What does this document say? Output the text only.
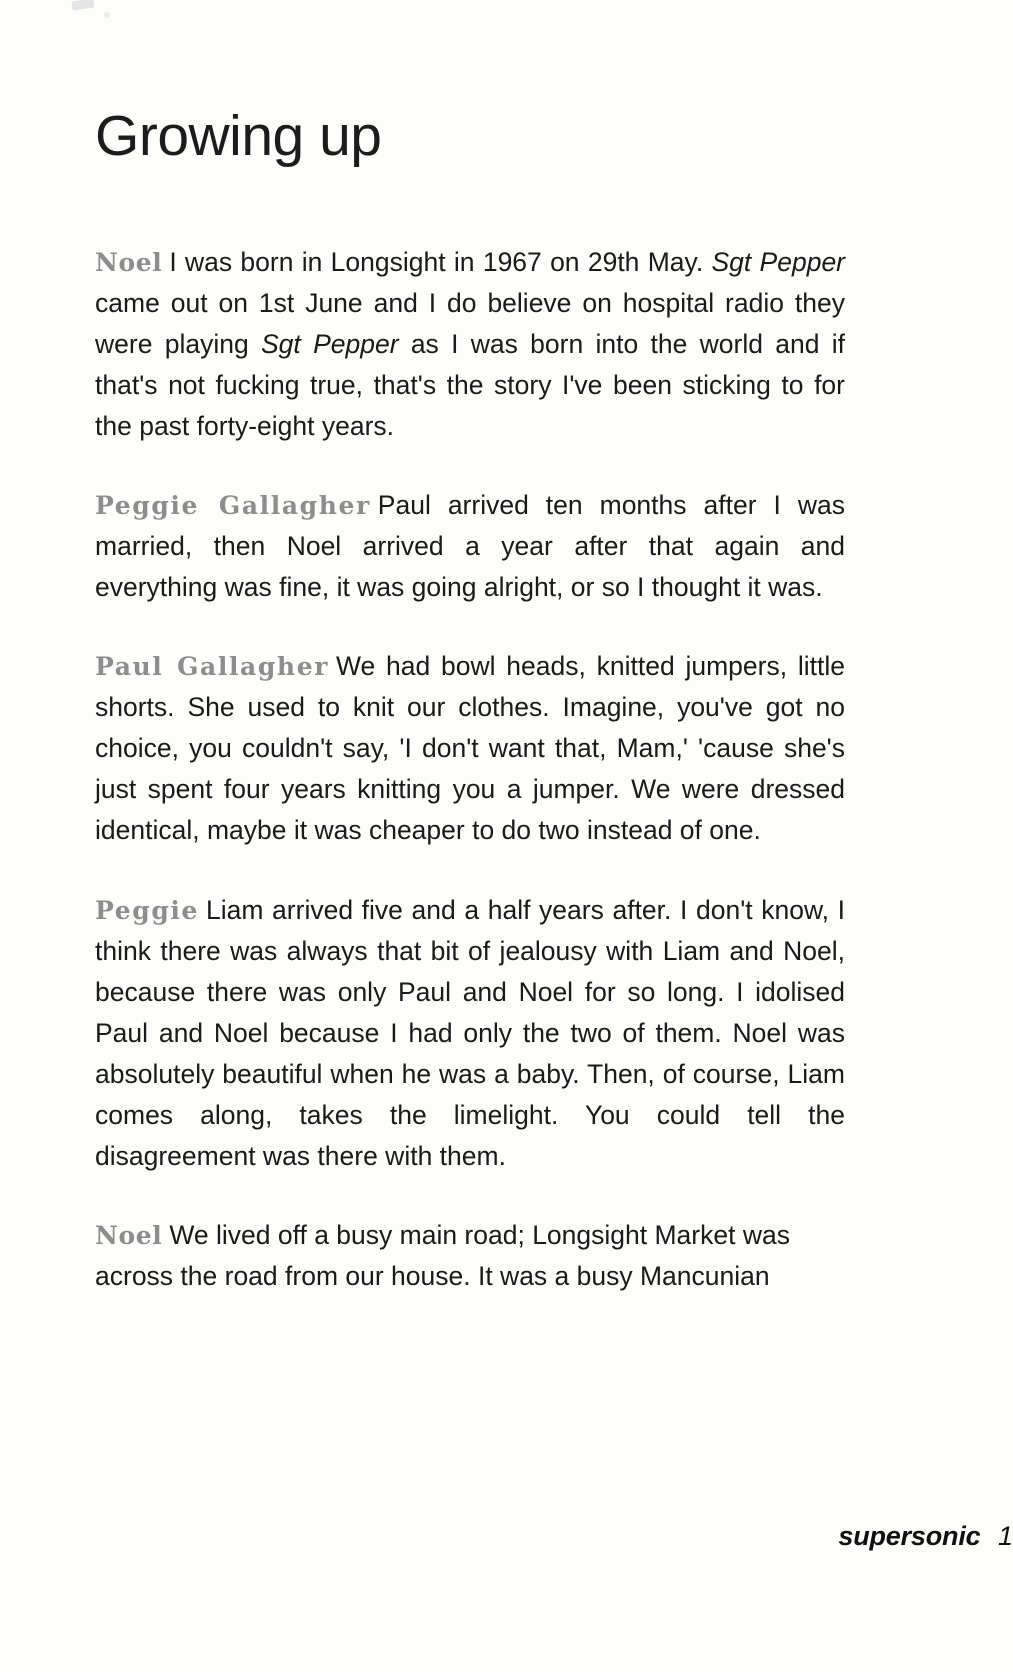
Growing up

Noel I was born in Longsight in 1967 on 29th May. Sgt Pepper came out on 1st June and I do believe on hospital radio they were playing Sgt Pepper as I was born into the world and if that's not fucking true, that's the story I've been sticking to for the past forty-eight years.

Peggie Gallagher Paul arrived ten months after I was married, then Noel arrived a year after that again and everything was fine, it was going alright, or so I thought it was.

Paul Gallagher We had bowl heads, knitted jumpers, little shorts. She used to knit our clothes. Imagine, you've got no choice, you couldn't say, 'I don't want that, Mam,' 'cause she's just spent four years knitting you a jumper. We were dressed identical, maybe it was cheaper to do two instead of one.

Peggie Liam arrived five and a half years after. I don't know, I think there was always that bit of jealousy with Liam and Noel, because there was only Paul and Noel for so long. I idolised Paul and Noel because I had only the two of them. Noel was absolutely beautiful when he was a baby. Then, of course, Liam comes along, takes the limelight. You could tell the disagreement was there with them.

Noel We lived off a busy main road; Longsight Market was across the road from our house. It was a busy Mancunian

supersonic 1
